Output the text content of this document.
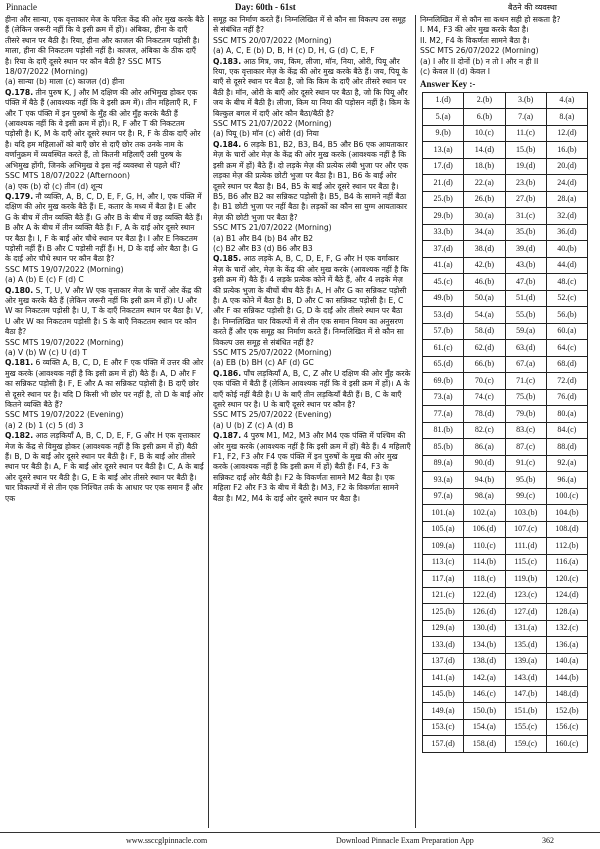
Pinnacle	Day: 60th - 61st	बैठने की व्यवस्था

हीना और सान्या, एक वृत्ताकार मेज के परितः केंद्र की ओर मुख करके बैठे हैं (लेकिन जरूरी नहीं कि वे इसी क्रम में हों)। अंबिका, हीना के दाएँ तीसरे स्थान पर बैठी है। रिया, हीना और काजल की निकटतम पड़ोसी है। माला, हीना की निकटतम पड़ोसी नहीं है। काजल, अंबिका के ठीक दाएँ है। रिया के दाएँ दूसरे स्थान पर कौन बैठी है? SSC MTS 18/07/2022 (Morning)

(a) सान्या (b) माला (c) काजल (d) हीना

Q.178. तीन पुरुष K, J और M दक्षिण की ओर अभिमुख होकर एक पंक्ति में बैठे हैं (आवश्यक नहीं कि वे इसी क्रम में)। तीन महिलाएँ R, F और T एक पंक्ति में इन पुरुषों के मुँह की ओर मुँह करके बैठी हैं (आवश्यक नहीं कि वे इसी क्रम में हों)। R, F और T की निकटतम पड़ोसी है। K, M के दाएँ ओर दूसरे स्थान पर है। R, F के ठीक दाएँ ओर है। यदि हम महिलाओं को बाएँ छोर से दाएँ छोर तक उनके नाम के वर्णानुक्रम में व्यवस्थित करते हैं, तो कितनी महिलाएँ उसी पुरुष के अभिमुख होंगी, जिनके अभिमुख वे इस नई व्यवस्था से पहले थीं?

SSC MTS 18/07/2022 (Afternoon)

(a) एक (b) दो (c) तीन (d) शून्य

Q.179. नौ व्यक्ति, A, B, C, D, E, F, G, H, और I, एक पंक्ति में दक्षिण की ओर मुख करके बैठे हैं। E, कतार के मध्य में बैठा है। E और G के बीच में तीन व्यक्ति बैठे हैं। G और B के बीच में छह व्यक्ति बैठे हैं। B और A के बीच में तीन व्यक्ति बैठे हैं। F, A के दाईं ओर दूसरे स्थान पर बैठा है। I, F के बाईं ओर चौथे स्थान पर बैठा है। I और E निकटतम पड़ोसी नहीं हैं। B और C पड़ोसी नहीं हैं। H, D के दाईं ओर बैठा है। G के दाईं ओर चौथे स्थान पर कौन बैठा है?

SSC MTS 19/07/2022 (Morning)

(a) A (b) E (c) F (d) C

Q.180. S, T, U, V और W एक वृत्ताकार मेज के चारों ओर केंद्र की ओर मुख करके बैठे हैं (लेकिन जरूरी नहीं कि इसी क्रम में हों)। U और W का निकटतम पड़ोसी है। U, T के दाएँ निकटतम स्थान पर बैठा है। V, U और W का निकटतम पड़ोसी है। S के बाएँ निकटतम स्थान पर कौन बैठा है?

SSC MTS 19/07/2022 (Morning)

(a) V (b) W (c) U (d) T

Q.181. 6 व्यक्ति A, B, C, D, E और F एक पंक्ति में उत्तर की ओर मुख करके (आवश्यक नहीं है कि इसी क्रम में हों) बैठे हैं। A, D और F का सन्निकट पड़ोसी है। F, E और A का सन्निकट पड़ोसी है। B दाएँ छोर से दूसरे स्थान पर है। यदि D किसी भी छोर पर नहीं है, तो D के बाईं ओर कितने व्यक्ति बैठे हैं?

SSC MTS 19/07/2022 (Evening)

(a) 2 (b) 1 (c) 5 (d) 3

Q.182. आठ लड़कियाँ A, B, C, D, E, F, G और H एक वृत्ताकार मेज के केंद्र से विमुख होकर (आवश्यक नहीं है कि इसी क्रम में हों) बैठी हैं। B, D के बाईं ओर दूसरे स्थान पर बैठी है। F, B के बाईं ओर तीसरे स्थान पर बैठी है। A, F के बाईं ओर दूसरे स्थान पर बैठी है। C, A के बाईं ओर दूसरे स्थान पर बैठी है। G, E के बाईं ओर तीसरे स्थान पर बैठी है। चार विकल्पों में से तीन एक निश्चित तर्क के आधार पर एक समान हैं और एक

समूह का निर्माण करते हैं। निम्नलिखित में से कौन सा विकल्प उस समूह से संबंधित नहीं है?

SSC MTS 20/07/2022 (Morning)

(a) A, C, E (b) D, B, H (c) D, H, G (d) C, E, F

Q.183. आठ मित्र, जय, किम, लीजा, मॉन, निया, ओरी, पियू और रिया, एक वृत्ताकार मेज़ के केंद्र की ओर मुख करके बैठे हैं। जय, पियू के बाएँ से दूसरे स्थान पर बैठा है, जो कि किम के दाएँ ओर तीसरे स्थान पर बैठी है। मॉन, ओरी के बाएँ ओर दूसरे स्थान पर बैठा है, जो कि पियू और जय के बीच में बैठी है। लीजा, किम या निया की पड़ोसन नहीं है। किम के बिल्कुल बगल में दाएँ ओर कौन बैठा/बैठी है?

SSC MTS 21/07/2022 (Morning)

(a) पियू (b) मॉन (c) ओरी (d) निया

Q.184. 6 लड़के B1, B2, B3, B4, B5 और B6 एक आयताकार मेज़ के चारों ओर मेज़ के केंद्र की ओर मुख करके (आवश्यक नहीं है कि इसी क्रम में हों) बैठे हैं। दो लड़के मेज़ की प्रत्येक लंबी भुजा पर और एक लड़का मेज़ की प्रत्येक छोटी भुजा पर बैठा है। B1, B6 के बाईं ओर दूसरे स्थान पर बैठा है। B4, B5 के बाईं ओर दूसरे स्थान पर बैठा है। B5, B6 और B2 का सन्निकट पड़ोसी है। B5, B4 के सामने नहीं बैठा है। B1 छोटी भुजा पर नहीं बैठा है। लड़कों का कौन सा युग्म आयताकार मेज़ की छोटी भुजा पर बैठा है?

SSC MTS 21/07/2022 (Morning)

(a) B1 और B4 (b) B4 और B2

(c) B2 और B3 (d) B6 और B3

Q.185. आठ लड़के A, B, C, D, E, F, G और H एक वर्गाकार मेज़ के चारों ओर, मेज़ के केंद्र की ओर मुख करके (आवश्यक नहीं है कि इसी क्रम में) बैठे हैं। 4 लड़के प्रत्येक कोने में बैठे हैं, और 4 लड़के मेज़ की प्रत्येक भुजा के बीचों बीच बैठे हैं। A, H और G का सन्निकट पड़ोसी है। A एक कोने में बैठा है। B, D और C का सन्निकट पड़ोसी है। E, C और F का सन्निकट पड़ोसी है। G, D के दाईं ओर तीसरे स्थान पर बैठा है। निम्नलिखित चार विकल्पों में से तीन एक समान नियम का अनुसरण करते हैं और एक समूह का निर्माण करते हैं। निम्नलिखित में से कौन सा विकल्प उस समूह से संबंधित नहीं है?

SSC MTS 25/07/2022 (Morning)

(a) EB (b) BH (c) AF (d) GC

Q.186. पाँच लड़कियाँ A, B, C, Z और U दक्षिण की ओर मुँह करके एक पंक्ति में बैठी हैं (लेकिन आवश्यक नहीं कि वे इसी क्रम में हों)। A के दाएँ कोई नहीं बैठी है। U के बाएँ तीन लड़कियाँ बैठी हैं। B, C के बाएँ दूसरे स्थान पर है। U के बाएँ दूसरे स्थान पर कौन है?

SSC MTS 25/07/2022 (Evening)

(a) U (b) Z (c) A (d) B

Q.187. 4 पुरुष M1, M2, M3 और M4 एक पंक्ति में पश्चिम की ओर मुख करके (आवश्यक नहीं है कि इसी क्रम में हों) बैठे हैं। 4 महिलाएँ F1, F2, F3 और F4 एक पंक्ति में इन पुरुषों के मुख की ओर मुख करके (आवश्यक नहीं है कि इसी क्रम में हों) बैठी हैं। F4, F3 के सन्निकट दाईं ओर बैठी है। F2 के विकर्णतः सामने M2 बैठा है। एक महिला F2 और F3 के बीच में बैठी है। M3, F2 के विकर्णतः सामने बैठा है। M2, M4 के दाईं ओर दूसरे स्थान पर बैठा है।

निम्नलिखित में से कौन सा कथन सही हो सकता है?

I. M4, F3 की ओर मुख करके बैठा है।

II. M2, F4 के विकर्णतः सामने बैठा है।

SSC MTS 26/07/2022 (Morning)

(a) I और II दोनों (b) न तो I और न ही II

(c) केवल II (d) केवल I

Answer Key :-
1.(d)	2.(b)	3.(b)	4.(a)
5.(a)	6.(b)	7.(a)	8.(a)
9.(b)	10.(c)	11.(c)	12.(d)
13.(a)	14.(d)	15.(b)	16.(b)
17.(d)	18.(b)	19.(d)	20.(d)
21.(d)	22.(a)	23.(b)	24.(d)
25.(b)	26.(b)	27.(b)	28.(a)
29.(b)	30.(a)	31.(c)	32.(d)
33.(b)	34.(a)	35.(b)	36.(d)
37.(d)	38.(d)	39.(d)	40.(b)
41.(a)	42.(b)	43.(b)	44.(d)
45.(c)	46.(b)	47.(b)	48.(c)
49.(b)	50.(a)	51.(d)	52.(c)
53.(d)	54.(a)	55.(b)	56.(b)
57.(b)	58.(d)	59.(a)	60.(a)
61.(c)	62.(d)	63.(d)	64.(c)
65.(d)	66.(b)	67.(a)	68.(d)
69.(b)	70.(c)	71.(c)	72.(d)
73.(a)	74.(c)	75.(b)	76.(d)
77.(a)	78.(d)	79.(b)	80.(a)
81.(b)	82.(c)	83.(c)	84.(c)
85.(b)	86.(a)	87.(c)	88.(d)
89.(a)	90.(d)	91.(c)	92.(a)
93.(a)	94.(b)	95.(b)	96.(a)
97.(a)	98.(a)	99.(c)	100.(c)
101.(a)	102.(a)	103.(b)	104.(b)
105.(a)	106.(d)	107.(c)	108.(d)
109.(a)	110.(c)	111.(d)	112.(b)
113.(c)	114.(b)	115.(c)	116.(a)
117.(a)	118.(c)	119.(b)	120.(c)
121.(c)	122.(d)	123.(c)	124.(d)
125.(b)	126.(d)	127.(d)	128.(a)
129.(a)	130.(d)	131.(a)	132.(c)
133.(d)	134.(b)	135.(d)	136.(a)
137.(d)	138.(d)	139.(a)	140.(a)
141.(a)	142.(a)	143.(d)	144.(b)
145.(b)	146.(c)	147.(b)	148.(d)
149.(a)	150.(b)	151.(b)	152.(b)
153.(c)	154.(a)	155.(c)	156.(c)
157.(d)	158.(d)	159.(c)	160.(c)
www.ssccglpinnacle.com	Download Pinnacle Exam Preparation App	362
